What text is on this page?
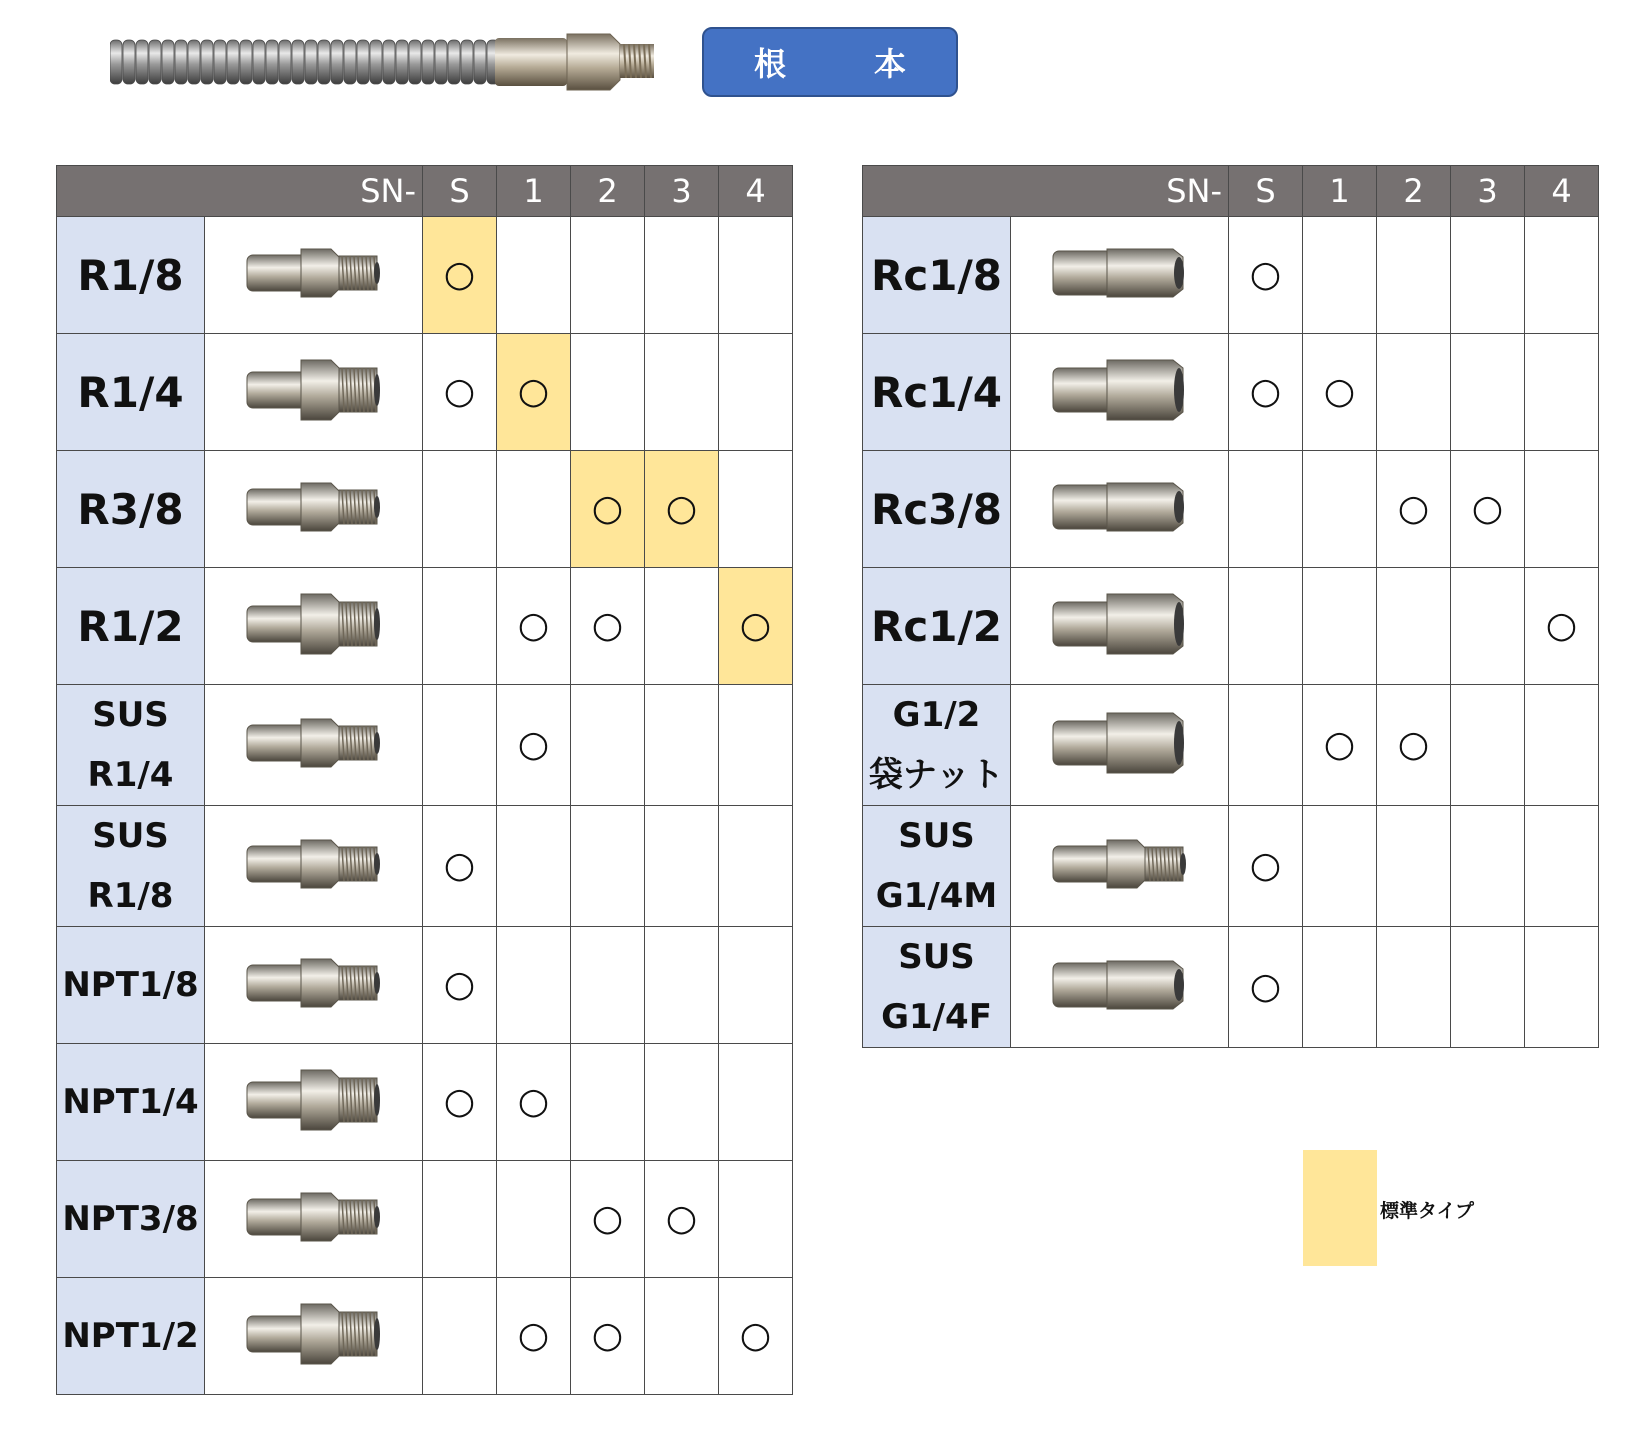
根　本
SN-		S	1	2	3	4

R1/8		○				

R1/4		○	○			

R3/8				○	○	

R1/2			○	○		○

SUS
R1/4			○			

SUS
R1/8		○				

NPT1/8		○				

NPT1/4		○	○			

NPT3/8				○	○	

NPT1/2			○	○		○
SN-		S	1	2	3	4

Rc1/8		○				

Rc1/4		○	○			

Rc3/8				○	○	

Rc1/2						○

G1/2
袋ナット			○	○		

SUS
G1/4M		○				

SUS
G1/4F		○				
標準タイプ
